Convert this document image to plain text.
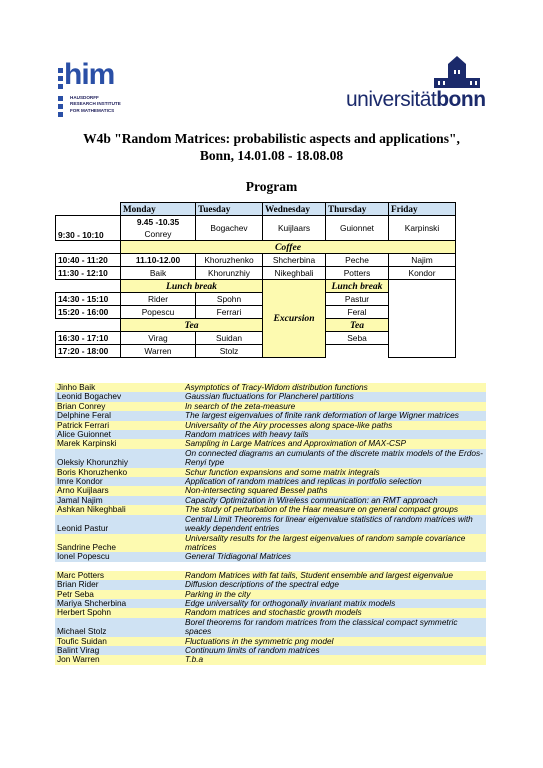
him
HAUSDORFF
RESEARCH INSTITUTE
FOR MATHEMATICS	universitätbonn
W4b "Random Matrices: probabilistic aspects and applications",
Bonn, 14.01.08 - 18.08.08
Program
	Monday	Tuesday	Wednesday	Thursday	Friday
9:30 - 10:10	9.45 -10.35	Bogachev	Kuijlaars	Guionnet	Karpinski
	Conrey				
	Coffee				
10:40 - 11:20	11.10-12.00	Khoruzhenko	Shcherbina	Peche	Najim
11:30 - 12:10	Baik	Khorunzhiy	Nikeghbali	Potters	Kondor
	Lunch break		Excursion	Lunch break	
14:30 - 15:10	Rider	Spohn		Pastur	
15:20 - 16:00	Popescu	Ferrari		Feral	
	Tea			Tea	
16:30 - 17:10	Virag	Suidan		Seba	
17:20 - 18:00	Warren	Stolz			
Jinho Baik	Asymptotics of Tracy-Widom distribution functions
Leonid Bogachev	Gaussian fluctuations for Plancherel partitions
Brian Conrey	In search of the zeta-measure
Delphine Feral	The largest eigenvalues of finite rank deformation of large Wigner matrices
Patrick Ferrari	Universality of the Airy processes along space-like paths
Alice Guionnet	Random matrices with heavy tails
Marek Karpinski	Sampling in Large Matrices and Approximation of MAX-CSP
Oleksiy Khorunzhiy	On connected diagrams an cumulants of the discrete matrix models of the Erdos-Renyi type
Boris Khoruzhenko	Schur function expansions and some matrix integrals
Imre Kondor	Application of random matrices and replicas in portfolio selection
Arno Kuijlaars	Non-intersecting squared Bessel paths
Jamal Najim	Capacity Optimization in Wireless communication: an RMT approach
Ashkan Nikeghbali	The study of perturbation of the Haar measure on general compact groups
Leonid Pastur	Central Limit Theorems for linear eigenvalue statistics of random matrices with weakly dependent entries
Sandrine Peche	Universality results for the largest eigenvalues of random sample covariance matrices
Ionel Popescu	General Tridiagonal Matrices

Marc Potters	Random Matrices with fat tails, Student ensemble and largest eigenvalue
Brian Rider	Diffusion descriptions of the spectral edge
Petr Seba	Parking in the city
Mariya Shcherbina	Edge universality for orthogonally invariant matrix models
Herbert Spohn	Random matrices and stochastic growth models
Michael Stolz	Borel theorems for random matrices from the classical compact symmetric spaces
Toufic Suidan	Fluctuations in the symmetric png model
Balint Virag	Continuum limits of random matrices
Jon Warren	T.b.a
